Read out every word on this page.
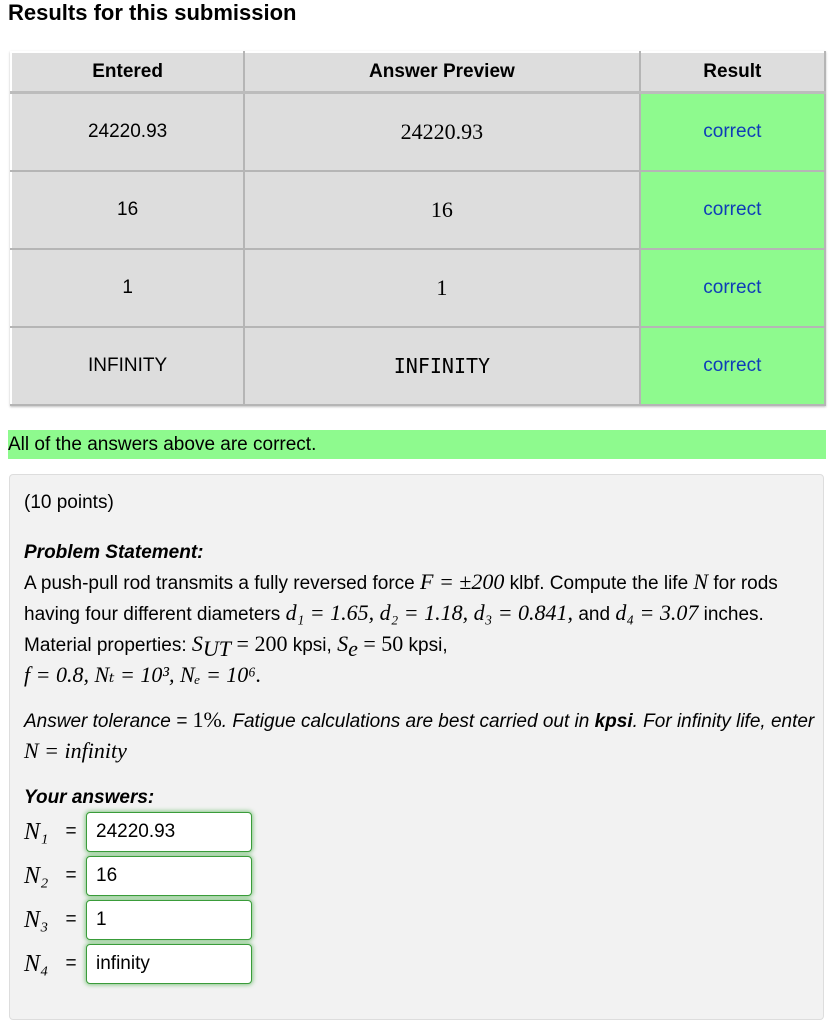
Results for this submission
Entered	Answer Preview	Result
24220.93	24220.93	correct
16	16	correct
1	1	correct
INFINITY	INFINITY	correct
All of the answers above are correct.
(10 points)
Problem Statement:
A push-pull rod transmits a fully reversed force F = ±200 klbf. Compute the life N for rods having four different diameters d₁ = 1.65, d₂ = 1.18, d₃ = 0.841, and d₄ = 3.07 inches. Material properties: $S_{UT} = 200$ kpsi, $S_e = 50$ kpsi,
f = 0.8, Nₜ = 10³, Nₑ = 10⁶.
Answer tolerance = 1%. Fatigue calculations are best carried out in kpsi. For infinity life, enter N = infinity
Your answers:
N₁ =
24220.93
N₂ =
16
N₃ =
1
N₄ =
infinity
